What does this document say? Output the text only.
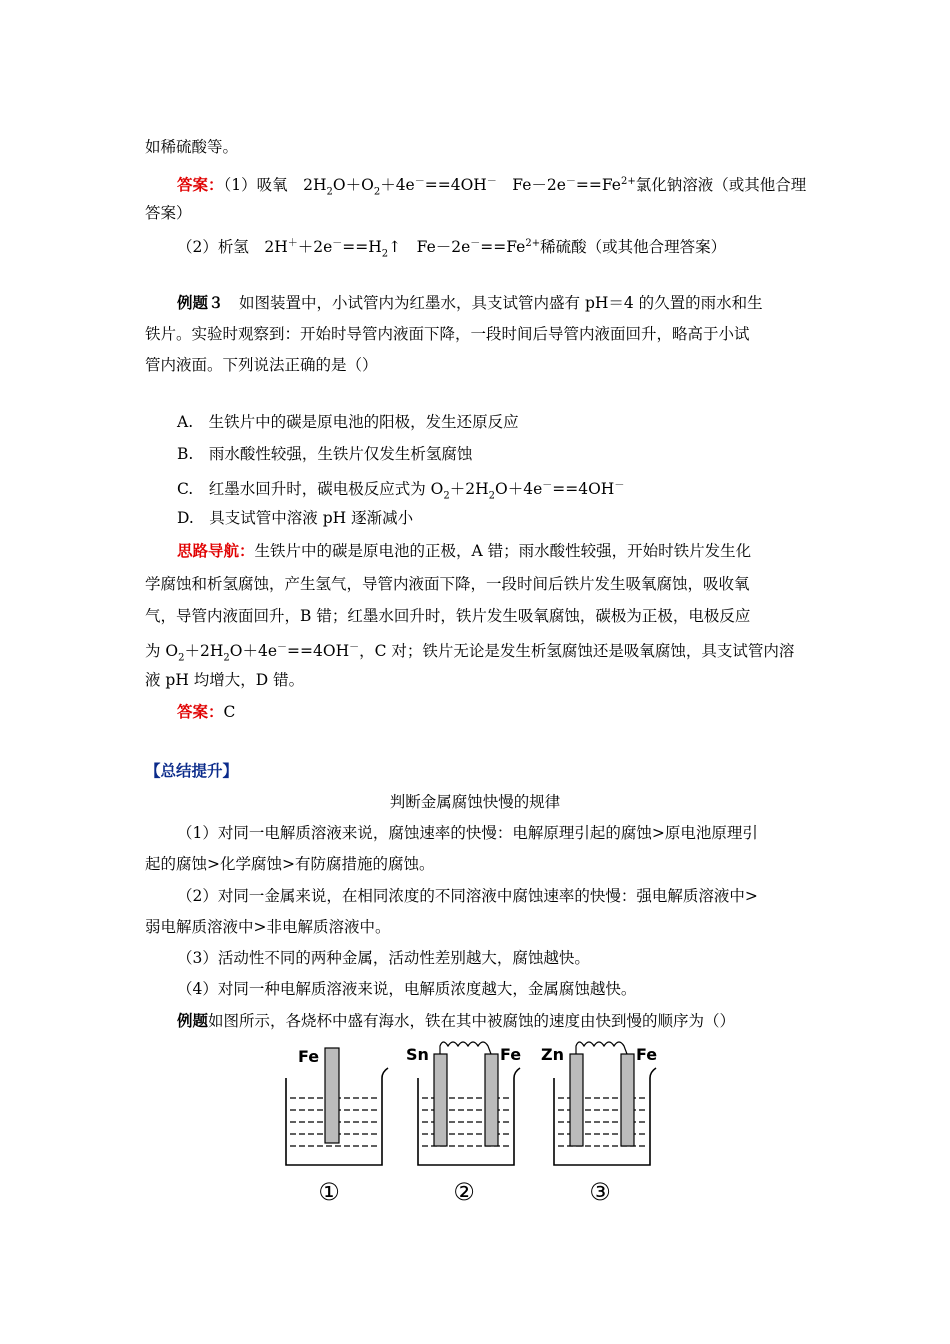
如稀硫酸等。
答案：（1）吸氧　$2H_2O+O_2+4e^-==4OH^-$　$Fe-2e^-==Fe^{2+}$氯化钠溶液（或其他合理
答案）
（2）析氢　$2H^++2e^-==H_2↑$　$Fe-2e^-==Fe^{2+}$稀硫酸（或其他合理答案）
例题３　如图装置中，小试管内为红墨水，具支试管内盛有 pH＝4 的久置的雨水和生
铁片。实验时观察到：开始时导管内液面下降，一段时间后导管内液面回升，略高于小试
管内液面。下列说法正确的是（）
A.　生铁片中的碳是原电池的阳极，发生还原反应
B.　雨水酸性较强，生铁片仅发生析氢腐蚀
C.　红墨水回升时，碳电极反应式为 $O_2+2H_2O+4e^-==4OH^-$
D.　具支试管中溶液 pH 逐渐减小
思路导航：生铁片中的碳是原电池的正极，A 错；雨水酸性较强，开始时铁片发生化
学腐蚀和析氢腐蚀，产生氢气，导管内液面下降，一段时间后铁片发生吸氧腐蚀，吸收氧
气，导管内液面回升，B 错；红墨水回升时，铁片发生吸氧腐蚀，碳极为正极，电极反应
为 $O_2+2H_2O+4e^-==4OH^-$，C 对；铁片无论是发生析氢腐蚀还是吸氧腐蚀，具支试管内溶
液 pH 均增大，D 错。
答案：C
【总结提升】
判断金属腐蚀快慢的规律
（1）对同一电解质溶液来说，腐蚀速率的快慢：电解原理引起的腐蚀>原电池原理引
起的腐蚀>化学腐蚀>有防腐措施的腐蚀。
（2）对同一金属来说，在相同浓度的不同溶液中腐蚀速率的快慢：强电解质溶液中>
弱电解质溶液中>非电解质溶液中。
（3）活动性不同的两种金属，活动性差别越大，腐蚀越快。
（4）对同一种电解质溶液来说，电解质浓度越大，金属腐蚀越快。
例题如图所示，各烧杯中盛有海水，铁在其中被腐蚀的速度由快到慢的顺序为（）
Fe	Sn	Fe Zn	Fe
①	②	③
